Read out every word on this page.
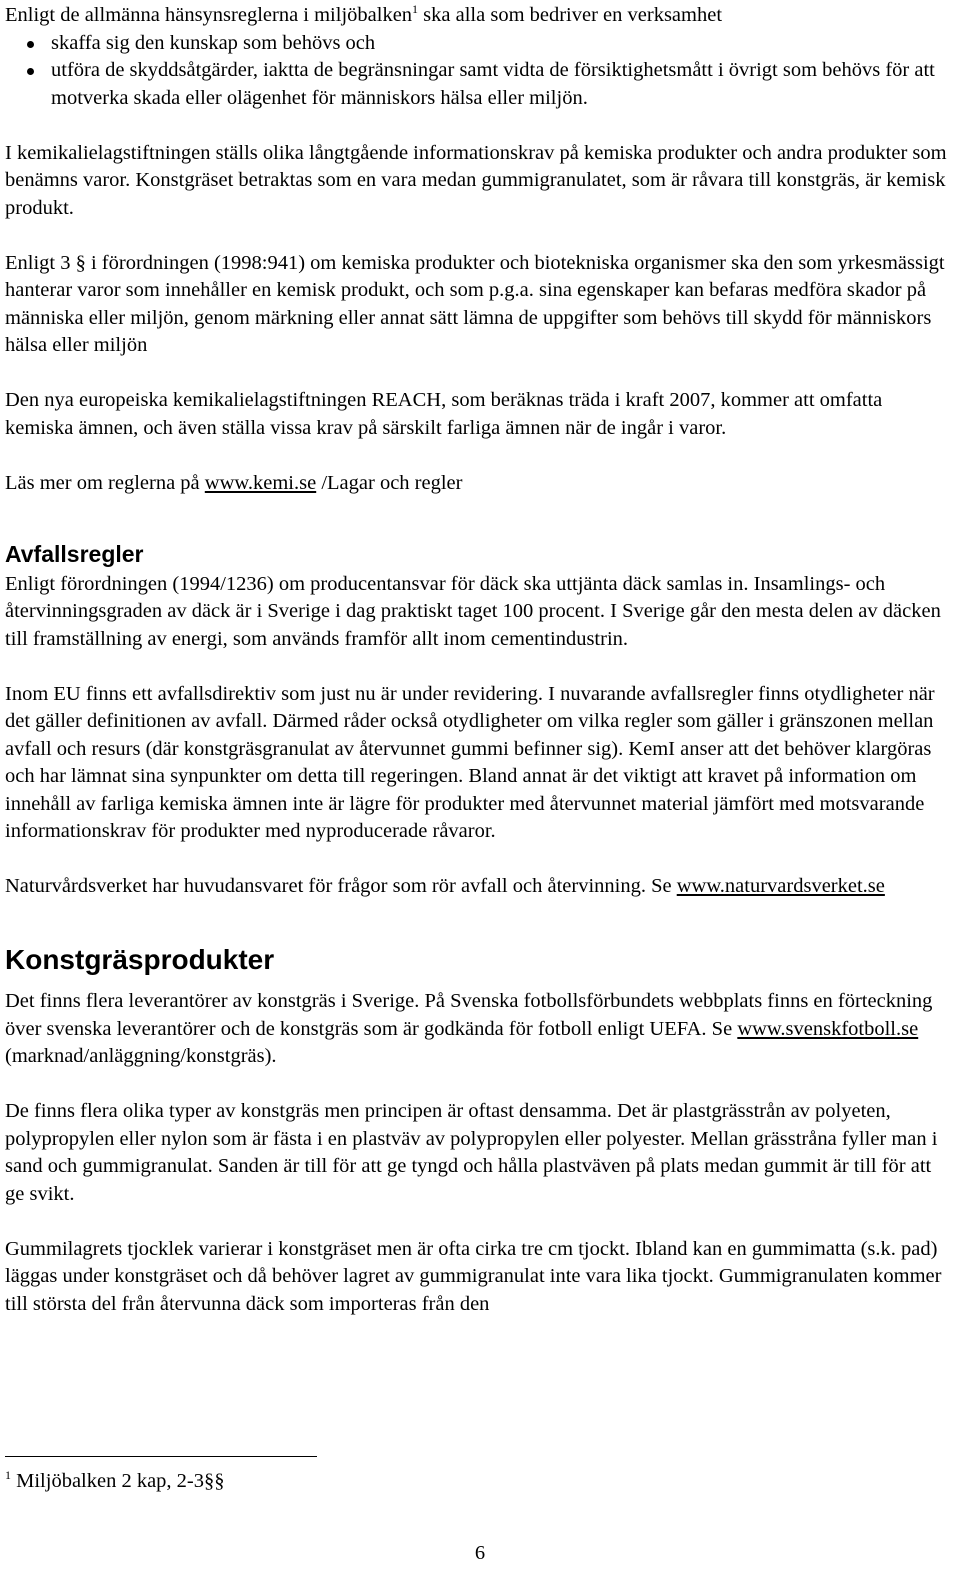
Enligt de allmänna hänsynsreglerna i miljöbalken$^1$ ska alla som bedriver en verksamhet

skaffa sig den kunskap som behövs och
utföra de skyddsåtgärder, iaktta de begränsningar samt vidta de försiktighetsmått i övrigt som behövs för att motverka skada eller olägenhet för människors hälsa eller miljön.

I kemikalielagstiftningen ställs olika långtgående informationskrav på kemiska produkter och andra produkter som benämns varor. Konstgräset betraktas som en vara medan gummigranulatet, som är råvara till konstgräs, är kemisk produkt.

Enligt 3 § i förordningen (1998:941) om kemiska produkter och biotekniska organismer ska den som yrkesmässigt hanterar varor som innehåller en kemisk produkt, och som p.g.a. sina egenskaper kan befaras medföra skador på människa eller miljön, genom märkning eller annat sätt lämna de uppgifter som behövs till skydd för människors hälsa eller miljön

Den nya europeiska kemikalielagstiftningen REACH, som beräknas träda i kraft 2007, kommer att omfatta kemiska ämnen, och även ställa vissa krav på särskilt farliga ämnen när de ingår i varor.

Läs mer om reglerna på www.kemi.se /Lagar och regler

Avfallsregler

Enligt förordningen (1994/1236) om producentansvar för däck ska uttjänta däck samlas in. Insamlings- och återvinningsgraden av däck är i Sverige i dag praktiskt taget 100 procent. I Sverige går den mesta delen av däcken till framställning av energi, som används framför allt inom cementindustrin.

Inom EU finns ett avfallsdirektiv som just nu är under revidering. I nuvarande avfallsregler finns otydligheter när det gäller definitionen av avfall. Därmed råder också otydligheter om vilka regler som gäller i gränszonen mellan avfall och resurs (där konstgräsgranulat av återvunnet gummi befinner sig). KemI anser att det behöver klargöras och har lämnat sina synpunkter om detta till regeringen. Bland annat är det viktigt att kravet på information om innehåll av farliga kemiska ämnen inte är lägre för produkter med återvunnet material jämfört med motsvarande informationskrav för produkter med nyproducerade råvaror.

Naturvårdsverket har huvudansvaret för frågor som rör avfall och återvinning. Se www.naturvardsverket.se

Konstgräsprodukter

Det finns flera leverantörer av konstgräs i Sverige. På Svenska fotbollsförbundets webbplats finns en förteckning över svenska leverantörer och de konstgräs som är godkända för fotboll enligt UEFA. Se www.svenskfotboll.se (marknad/anläggning/konstgräs).

De finns flera olika typer av konstgräs men principen är oftast densamma. Det är plastgrässtrån av polyeten, polypropylen eller nylon som är fästa i en plastväv av polypropylen eller polyester. Mellan grässtråna fyller man i sand och gummigranulat. Sanden är till för att ge tyngd och hålla plastväven på plats medan gummit är till för att ge svikt.

Gummilagrets tjocklek varierar i konstgräset men är ofta cirka tre cm tjockt. Ibland kan en gummimatta (s.k. pad) läggas under konstgräset och då behöver lagret av gummigranulat inte vara lika tjockt. Gummigranulaten kommer till största del från återvunna däck som importeras från den

$^1$ Miljöbalken 2 kap, 2-3§§

6
